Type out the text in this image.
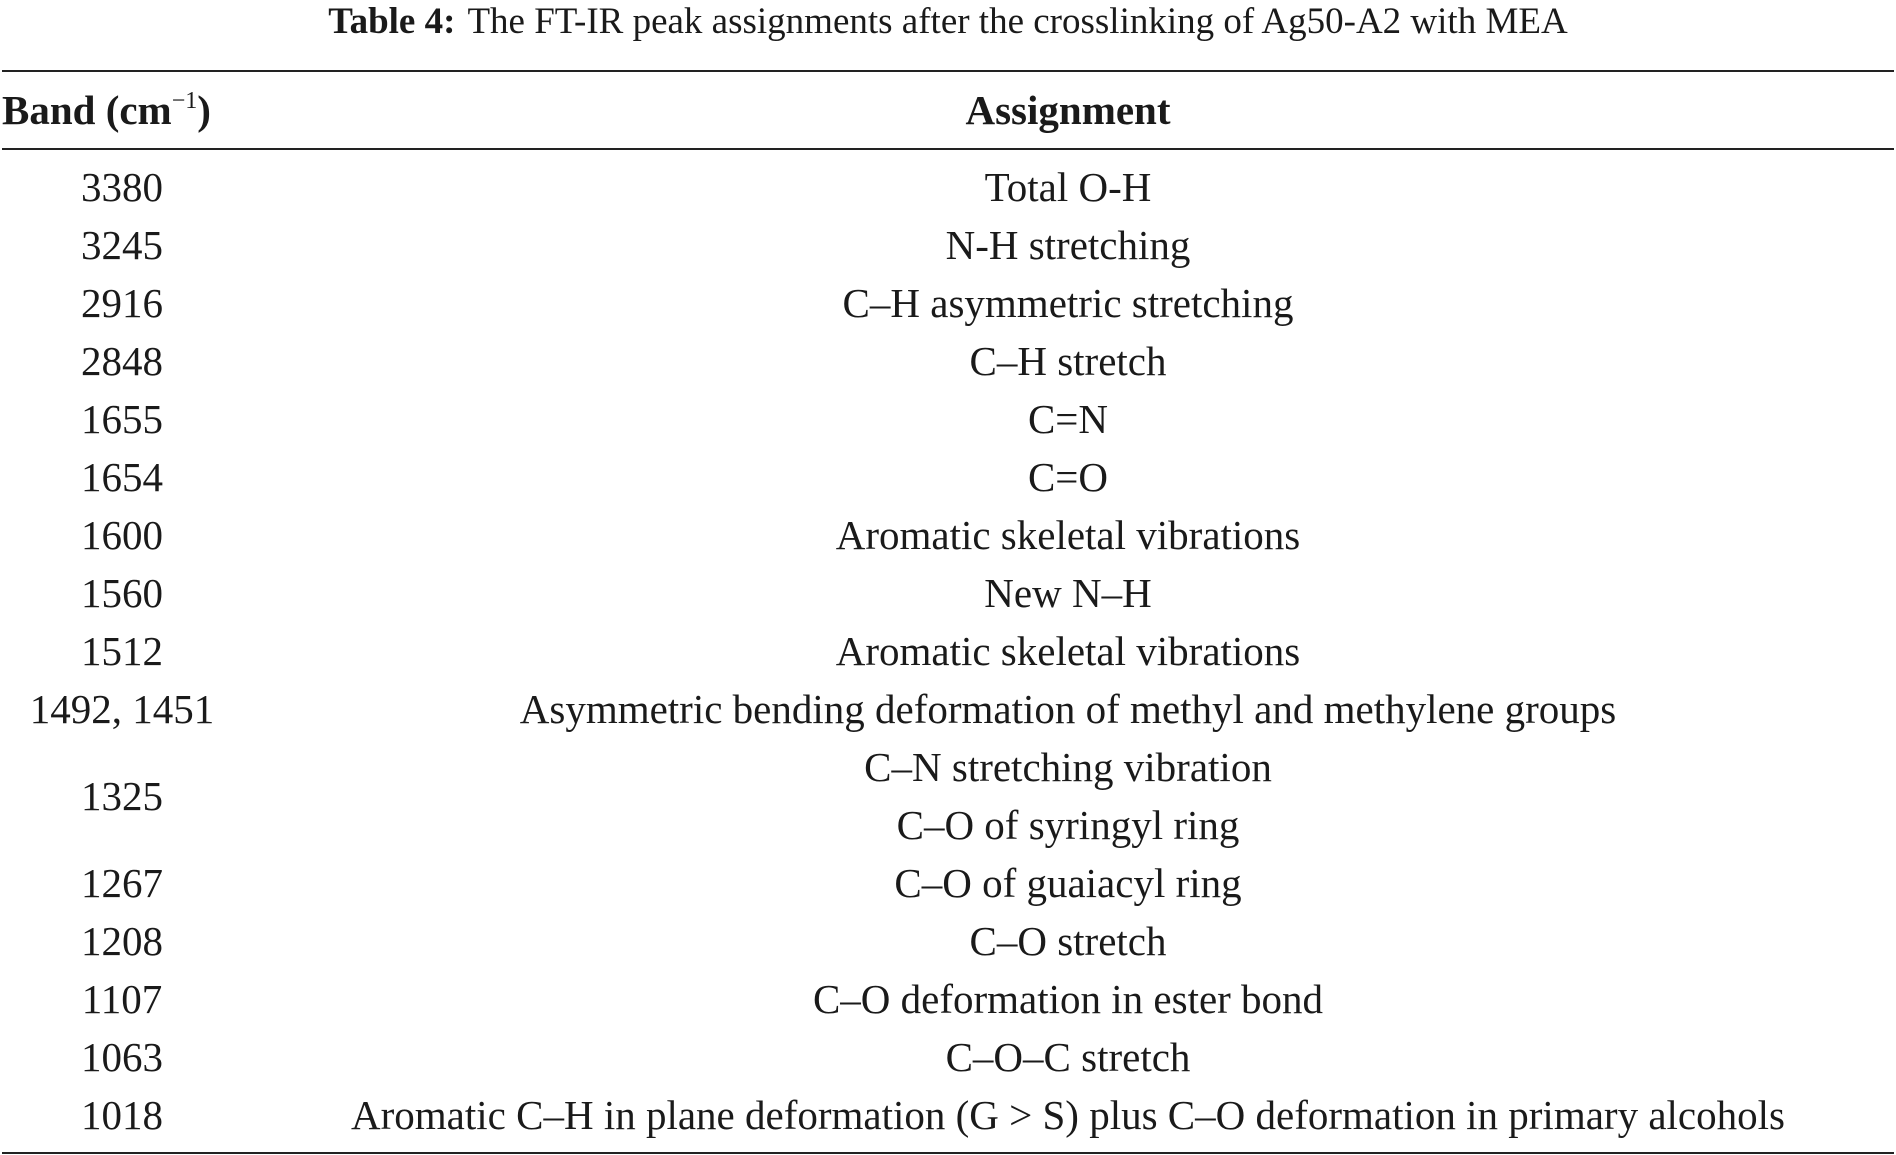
Table 4: The FT-IR peak assignments after the crosslinking of Ag50-A2 with MEA
Band $(cm^{-1})$	Assignment
3380	Total O-H
3245	N-H stretching
2916	C–H asymmetric stretching
2848	C–H stretch
1655	C=N
1654	C=O
1600	Aromatic skeletal vibrations
1560	New N–H
1512	Aromatic skeletal vibrations
1492, 1451	Asymmetric bending deformation of methyl and methylene groups
1325	C–N stretching vibration
	C–O of syringyl ring
1267	C–O of guaiacyl ring
1208	C–O stretch
1107	C–O deformation in ester bond
1063	C–O–C stretch
1018	Aromatic C–H in plane deformation (G > S) plus C–O deformation in primary alcohols
